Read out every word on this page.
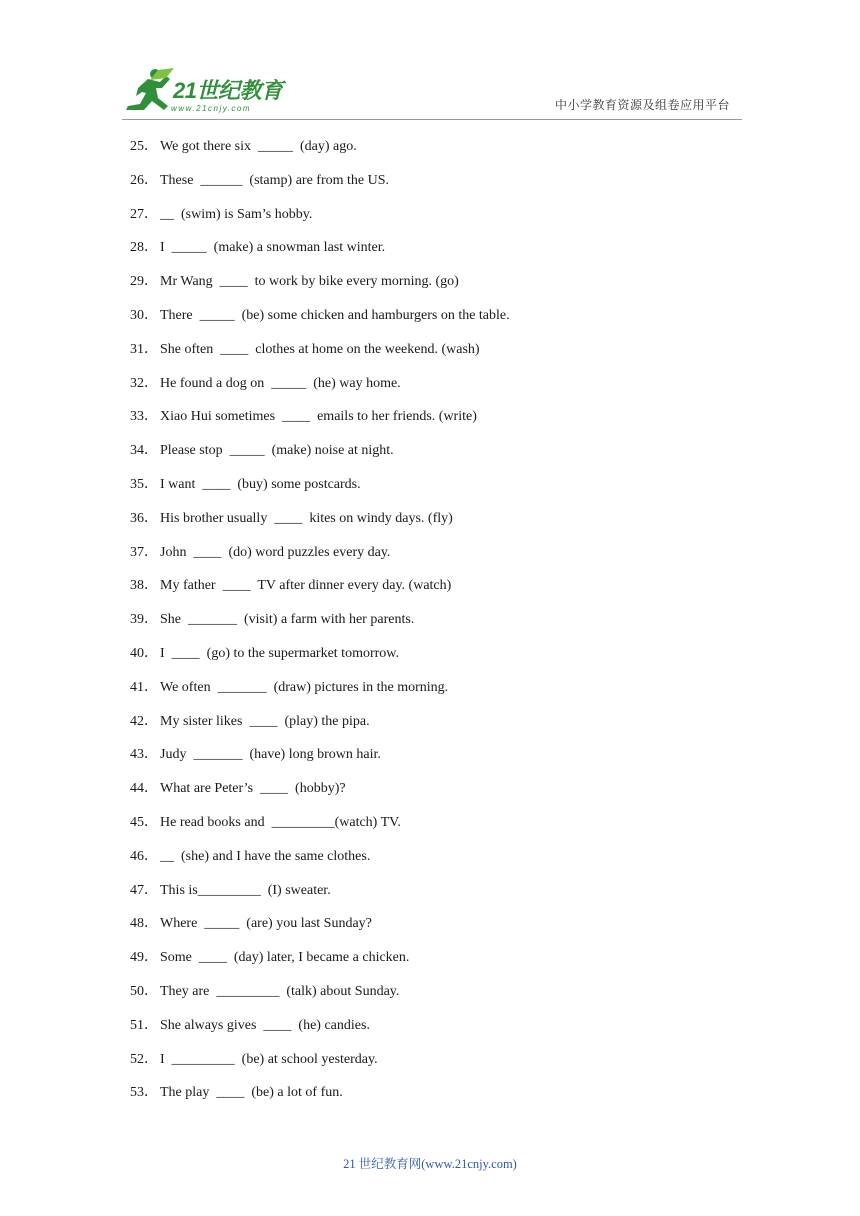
21世纪教育
www.21cnjy.com	中小学教育资源及组卷应用平台
25． We got there six  _____  (day) ago.
26． These  ______  (stamp) are from the US.
27． __  (swim) is Sam’s hobby.
28． I  _____  (make) a snowman last winter.
29． Mr Wang  ____  to work by bike every morning. (go)
30． There  _____  (be) some chicken and hamburgers on the table.
31． She often  ____  clothes at home on the weekend. (wash)
32． He found a dog on  _____  (he) way home.
33． Xiao Hui sometimes  ____  emails to her friends. (write)
34． Please stop  _____  (make) noise at night.
35． I want  ____  (buy) some postcards.
36． His brother usually  ____  kites on windy days. (fly)
37． John  ____  (do) word puzzles every day.
38． My father  ____  TV after dinner every day. (watch)
39． She  _______  (visit) a farm with her parents.
40． I  ____  (go) to the supermarket tomorrow.
41． We often  _______  (draw) pictures in the morning.
42． My sister likes  ____  (play) the pipa.
43． Judy  _______  (have) long brown hair.
44． What are Peter’s  ____  (hobby)?
45． He read books and  _________(watch) TV.
46． __  (she) and I have the same clothes.
47． This is_________  (I) sweater.
48． Where  _____  (are) you last Sunday?
49． Some  ____  (day) later, I became a chicken.
50． They are  _________  (talk) about Sunday.
51． She always gives  ____  (he) candies.
52． I  _________  (be) at school yesterday.
53． The play  ____  (be) a lot of fun.
21 世纪教育网(www.21cnjy.com)
